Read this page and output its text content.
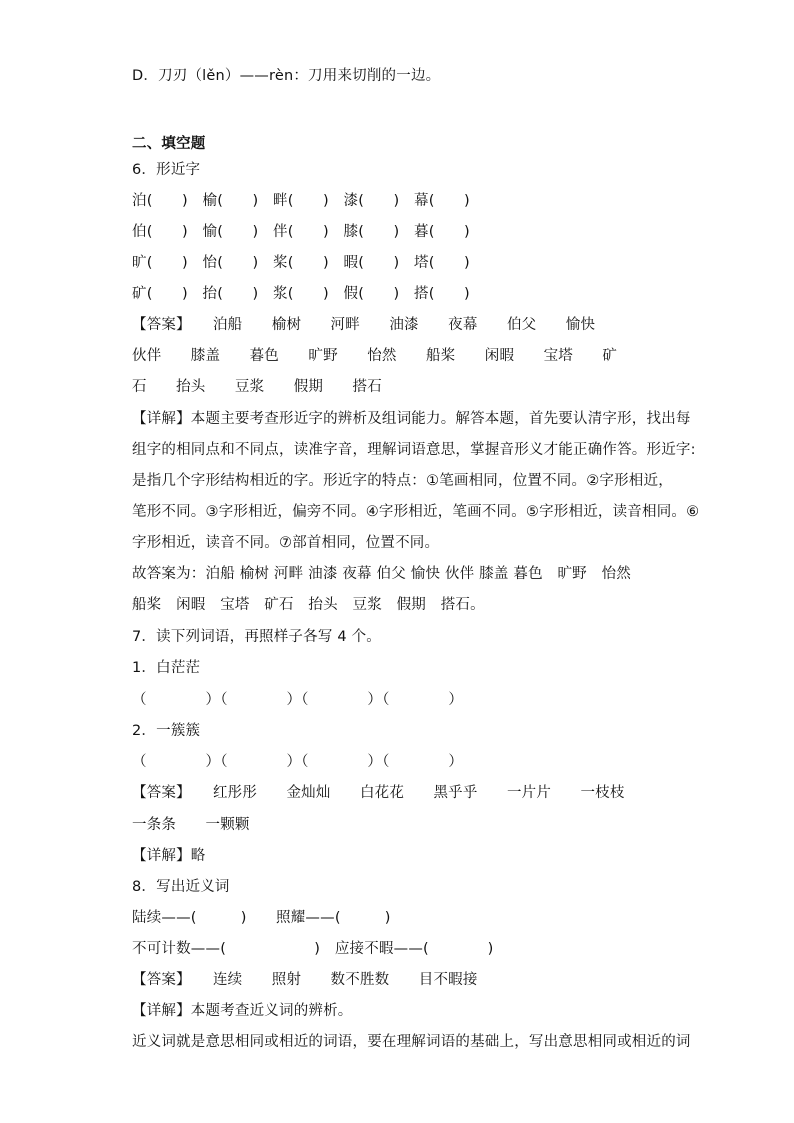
D．刀刃（lěn）——rèn：刀用来切削的一边。
二、填空题
6．形近字
泊(　　)　榆(　　)　畔(　　)　漆(　　)　幕(　　)
伯(　　)　愉(　　)　伴(　　)　膝(　　)　暮(　　)
旷(　　)　怡(　　)　桨(　　)　暇(　　)　塔(　　)
矿(　　)　抬(　　)　浆(　　)　假(　　)　搭(　　)
【答案】　　泊船　　榆树　　河畔　　油漆　　夜幕　　伯父　　愉快
伙伴　　膝盖　　暮色　　旷野　　怡然　　船桨　　闲暇　　宝塔　　矿
石　　抬头　　豆浆　　假期　　搭石
【详解】本题主要考查形近字的辨析及组词能力。解答本题，首先要认清字形，找出每
组字的相同点和不同点，读准字音，理解词语意思，掌握音形义才能正确作答。形近字:
是指几个字形结构相近的字。形近字的特点：①笔画相同，位置不同。②字形相近，
笔形不同。③字形相近，偏旁不同。④字形相近，笔画不同。⑤字形相近，读音相同。⑥
字形相近，读音不同。⑦部首相同，位置不同。
故答案为：泊船 榆树 河畔 油漆 夜幕 伯父 愉快 伙伴 膝盖 暮色　旷野　怡然
船桨　闲暇　宝塔　矿石　抬头　豆浆　假期　搭石。
7．读下列词语，再照样子各写 4 个。
1．白茫茫
（　　　　）（　　　　）（　　　　）（　　　　）
2．一簇簇
（　　　　）（　　　　）（　　　　）（　　　　）
【答案】　　红彤彤　　金灿灿　　白花花　　黑乎乎　　一片片　　一枝枝
一条条　　一颗颗
【详解】略
8．写出近义词
陆续——(　　　)　　照耀——(　　　)
不可计数——(　　　　　　)　应接不暇——(　　　　)
【答案】　　连续　　照射　　数不胜数　　目不暇接
【详解】本题考查近义词的辨析。
近义词就是意思相同或相近的词语，要在理解词语的基础上，写出意思相同或相近的词
